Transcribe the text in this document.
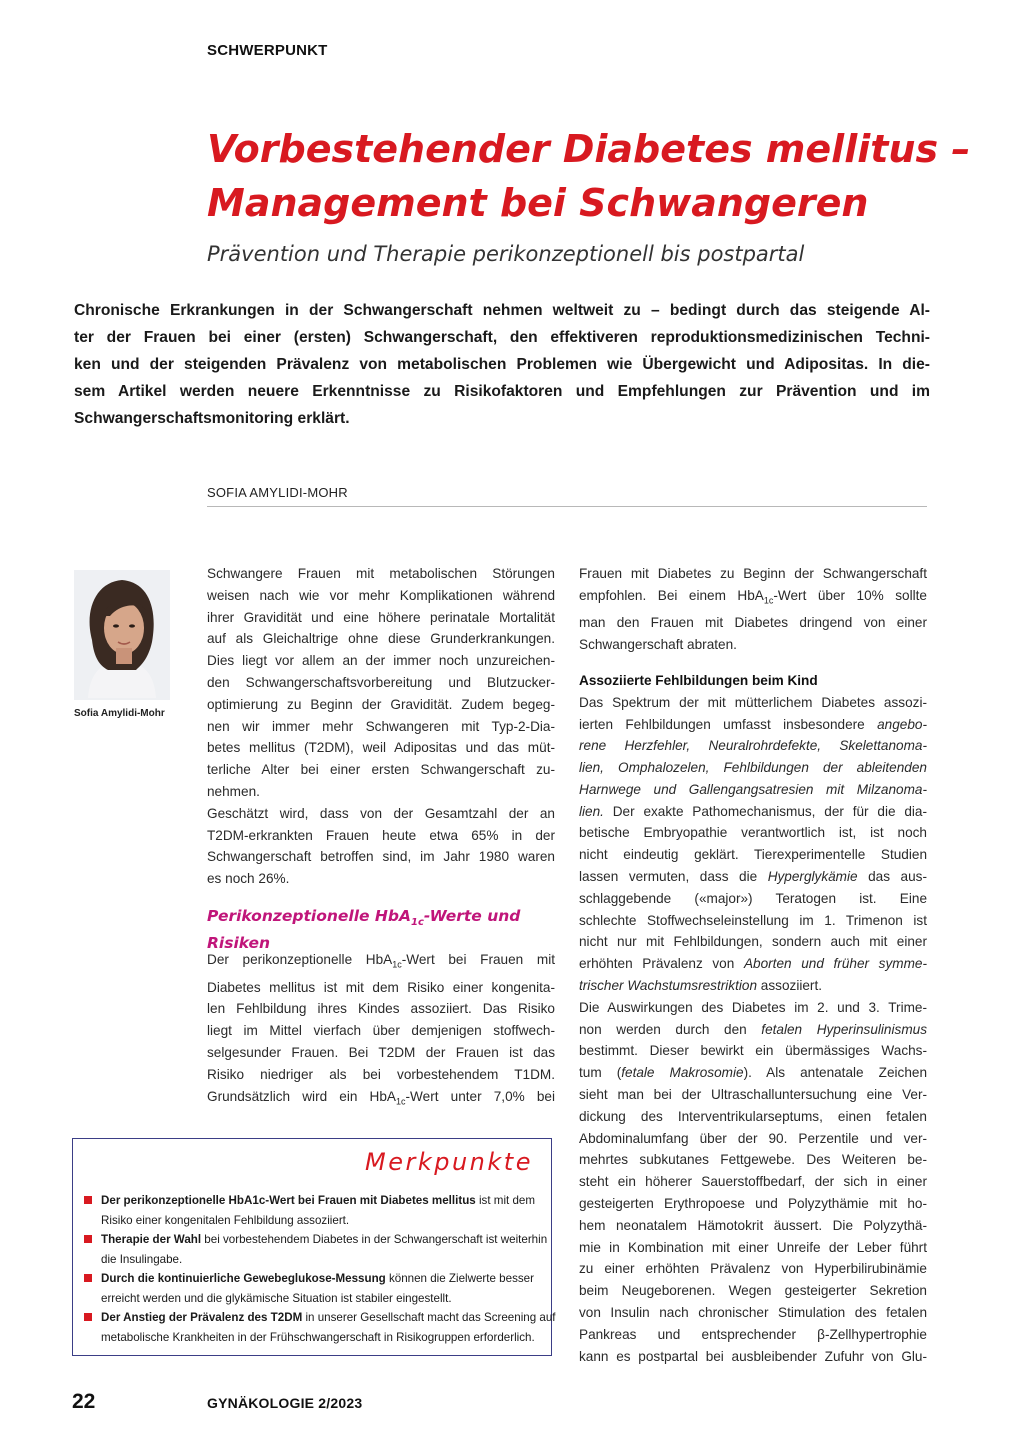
SCHWERPUNKT
Vorbestehender Diabetes mellitus –
Management bei Schwangeren
Prävention und Therapie perikonzeptionell bis postpartal
Chronische Erkrankungen in der Schwangerschaft nehmen weltweit zu – bedingt durch das steigende Al-
ter der Frauen bei einer (ersten) Schwangerschaft, den effektiveren reproduktionsmedizinischen Techni-
ken und der steigenden Prävalenz von metabolischen Problemen wie Übergewicht und Adipositas. In die-
sem Artikel werden neuere Erkenntnisse zu Risikofaktoren und Empfehlungen zur Prävention und im
Schwangerschaftsmonitoring erklärt.
SOFIA AMYLIDI-MOHR
Sofia Amylidi-Mohr
Schwangere Frauen mit metabolischen Störungen
weisen nach wie vor mehr Komplikationen während
ihrer Gravidität und eine höhere perinatale Mortalität
auf als Gleichaltrige ohne diese Grunderkrankungen.
Dies liegt vor allem an der immer noch unzureichen-
den Schwangerschaftsvorbereitung und Blutzucker-
optimierung zu Beginn der Gravidität. Zudem begeg-
nen wir immer mehr Schwangeren mit Typ-2-Dia-
betes mellitus (T2DM), weil Adipositas und das müt-
terliche Alter bei einer ersten Schwangerschaft zu-
nehmen.
Geschätzt wird, dass von der Gesamtzahl der an
T2DM-erkrankten Frauen heute etwa 65% in der
Schwangerschaft betroffen sind, im Jahr 1980 waren
es noch 26%.
Perikonzeptionelle HbA$_{1c}$-Werte und
Risiken
Der perikonzeptionelle HbA$_{1c}$-Wert bei Frauen mit
Diabetes mellitus ist mit dem Risiko einer kongenita-
len Fehlbildung ihres Kindes assoziiert. Das Risiko
liegt im Mittel vierfach über demjenigen stoffwech-
selgesunder Frauen. Bei T2DM der Frauen ist das
Risiko niedriger als bei vorbestehendem T1DM.
Grundsätzlich wird ein HbA$_{1c}$-Wert unter 7,0% bei
Frauen mit Diabetes zu Beginn der Schwangerschaft
empfohlen. Bei einem HbA$_{1c}$-Wert über 10% sollte
man den Frauen mit Diabetes dringend von einer
Schwangerschaft abraten.
Assoziierte Fehlbildungen beim Kind
Das Spektrum der mit mütterlichem Diabetes assozi-
ierten Fehlbildungen umfasst insbesondere angebo-
rene Herzfehler, Neuralrohrdefekte, Skelettanoma-
lien, Omphalozelen, Fehlbildungen der ableitenden
Harnwege und Gallengangsatresien mit Milzanoma-
lien. Der exakte Pathomechanismus, der für die dia-
betische Embryopathie verantwortlich ist, ist noch
nicht eindeutig geklärt. Tierexperimentelle Studien
lassen vermuten, dass die Hyperglykämie das aus-
schlaggebende («major») Teratogen ist. Eine
schlechte Stoffwechseleinstellung im 1. Trimenon ist
nicht nur mit Fehlbildungen, sondern auch mit einer
erhöhten Prävalenz von Aborten und früher symme-
trischer Wachstumsrestriktion assoziiert.
Die Auswirkungen des Diabetes im 2. und 3. Trime-
non werden durch den fetalen Hyperinsulinismus
bestimmt. Dieser bewirkt ein übermässiges Wachs-
tum (fetale Makrosomie). Als antenatale Zeichen
sieht man bei der Ultraschalluntersuchung eine Ver-
dickung des Interventrikularseptums, einen fetalen
Abdominalumfang über der 90. Perzentile und ver-
mehrtes subkutanes Fettgewebe. Des Weiteren be-
steht ein höherer Sauerstoffbedarf, der sich in einer
gesteigerten Erythropoese und Polyzythämie mit ho-
hem neonatalem Hämotokrit äussert. Die Polyzythä-
mie in Kombination mit einer Unreife der Leber führt
zu einer erhöhten Prävalenz von Hyperbilirubinämie
beim Neugeborenen. Wegen gesteigerter Sekretion
von Insulin nach chronischer Stimulation des fetalen
Pankreas und entsprechender β-Zellhypertrophie
kann es postpartal bei ausbleibender Zufuhr von Glu-
Merkpunkte
Der perikonzeptionelle HbA1c-Wert bei Frauen mit Diabetes mellitus ist mit dem
Risiko einer kongenitalen Fehlbildung assoziiert.
Therapie der Wahl bei vorbestehendem Diabetes in der Schwangerschaft ist weiterhin
die Insulingabe.
Durch die kontinuierliche Gewebeglukose-Messung können die Zielwerte besser
erreicht werden und die glykämische Situation ist stabiler eingestellt.
Der Anstieg der Prävalenz des T2DM in unserer Gesellschaft macht das Screening auf
metabolische Krankheiten in der Frühschwangerschaft in Risikogruppen erforderlich.
22	GYNÄKOLOGIE 2/2023
